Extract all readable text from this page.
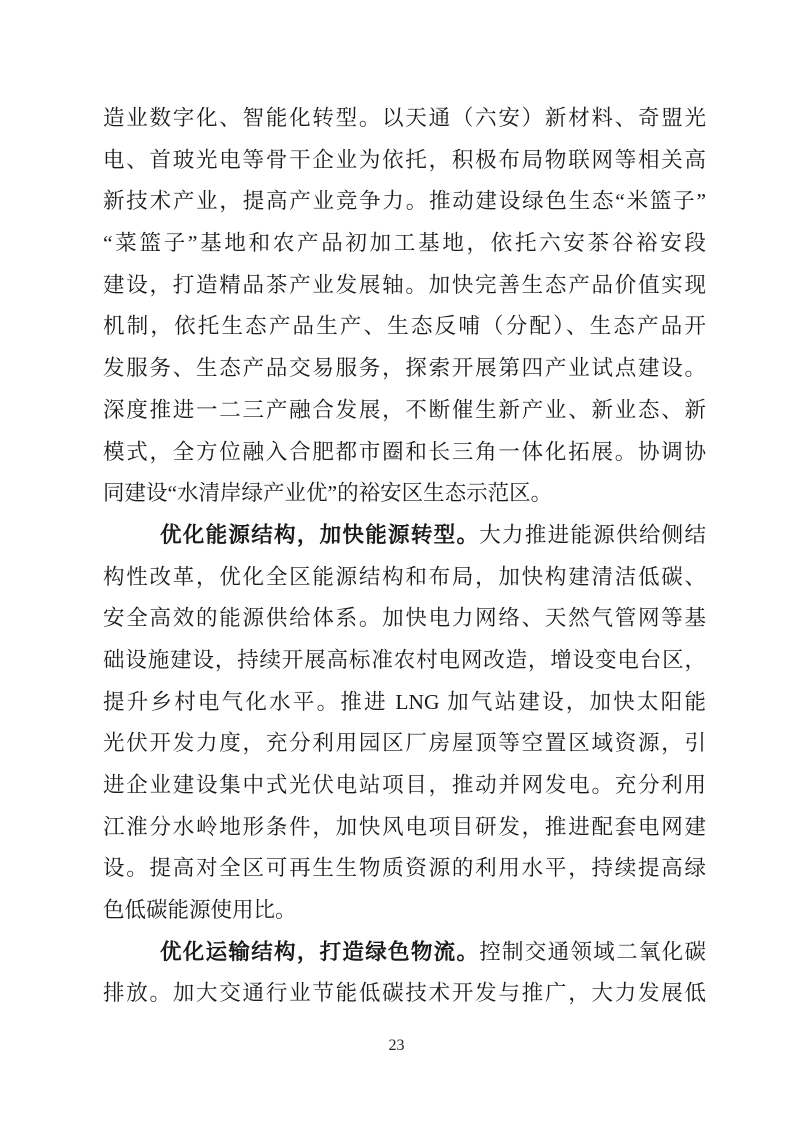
造业数字化、智能化转型。以天通（六安）新材料、奇盟光
电、首玻光电等骨干企业为依托，积极布局物联网等相关高
新技术产业，提高产业竞争力。推动建设绿色生态“米篮子”
“菜篮子”基地和农产品初加工基地，依托六安茶谷裕安段
建设，打造精品茶产业发展轴。加快完善生态产品价值实现
机制，依托生态产品生产、生态反哺（分配）、生态产品开
发服务、生态产品交易服务，探索开展第四产业试点建设。
深度推进一二三产融合发展，不断催生新产业、新业态、新
模式，全方位融入合肥都市圈和长三角一体化拓展。协调协
同建设“水清岸绿产业优”的裕安区生态示范区。
优化能源结构，加快能源转型。大力推进能源供给侧结
构性改革，优化全区能源结构和布局，加快构建清洁低碳、
安全高效的能源供给体系。加快电力网络、天然气管网等基
础设施建设，持续开展高标准农村电网改造，增设变电台区，
提升乡村电气化水平。推进 LNG 加气站建设，加快太阳能
光伏开发力度，充分利用园区厂房屋顶等空置区域资源，引
进企业建设集中式光伏电站项目，推动并网发电。充分利用
江淮分水岭地形条件，加快风电项目研发，推进配套电网建
设。提高对全区可再生生物质资源的利用水平，持续提高绿
色低碳能源使用比。
优化运输结构，打造绿色物流。控制交通领域二氧化碳
排放。加大交通行业节能低碳技术开发与推广，大力发展低
23
